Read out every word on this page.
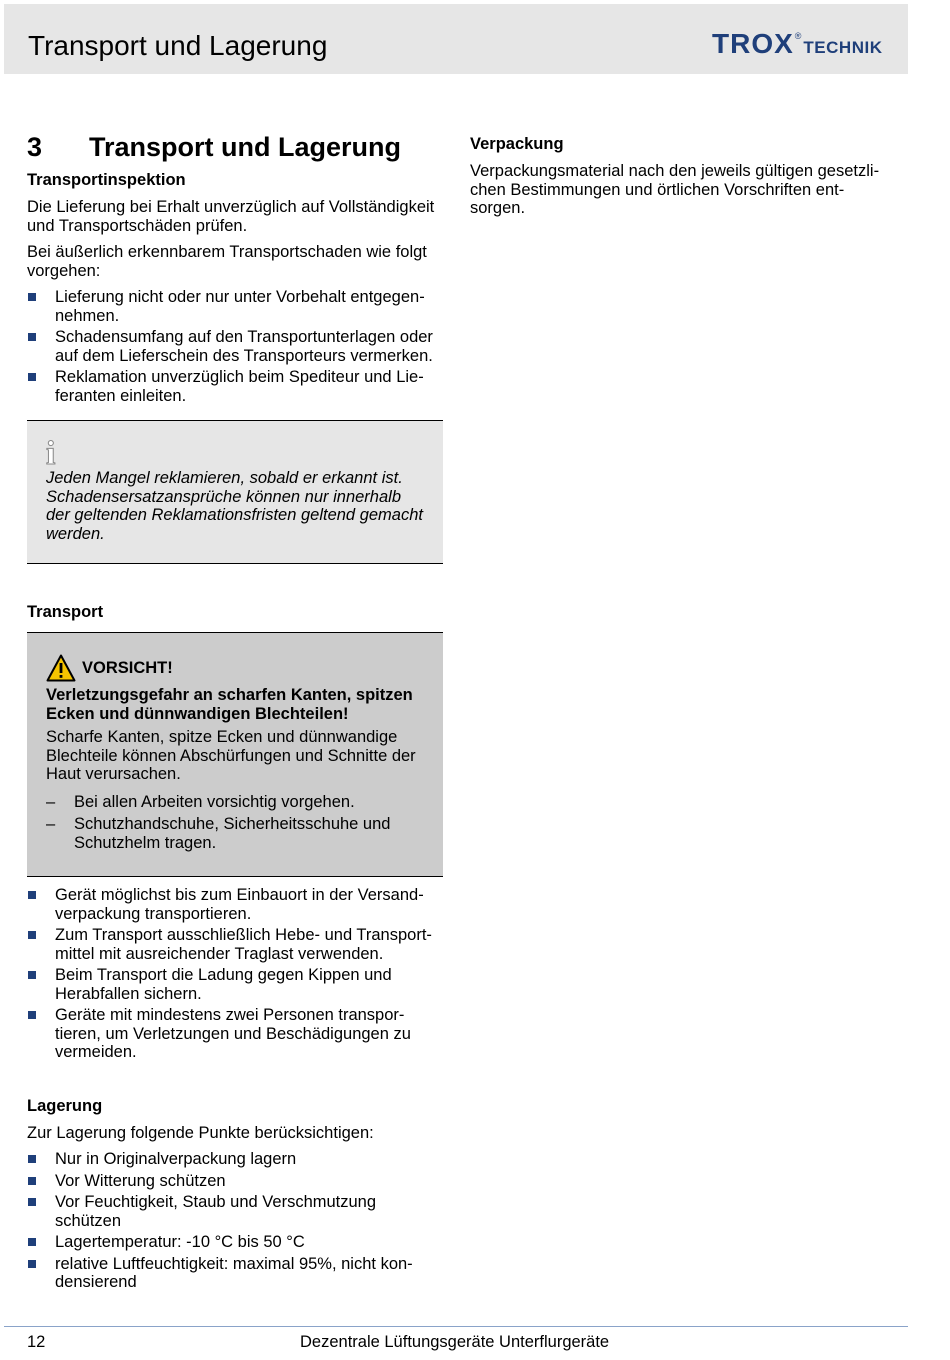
Transport und Lagerung	TROX ®
TECHNIK
3	Transport und Lagerung
Transportinspektion

Die Lieferung bei Erhalt unverzüglich auf Vollständigkeit und Transportschäden prüfen.

Bei äußerlich erkennbarem Transportschaden wie folgt vorgehen:

Lieferung nicht oder nur unter Vorbehalt entgegennehmen.
Schadensumfang auf den Transportunterlagen oder auf dem Lieferschein des Transporteurs vermerken.
Reklamation unverzüglich beim Spediteur und Lieferanten einleiten.
i

Jeden Mangel reklamieren, sobald er erkannt ist. Schadensersatzansprüche können nur innerhalb der geltenden Reklamationsfristen geltend gemacht werden.

Transport
VORSICHT!

Verletzungsgefahr an scharfen Kanten, spitzen Ecken und dünnwandigen Blechteilen!

Scharfe Kanten, spitze Ecken und dünnwandige Blechteile können Abschürfungen und Schnitte der Haut verursachen.

– Bei allen Arbeiten vorsichtig vorgehen.
– Schutzhandschuhe, Sicherheitsschuhe und Schutzhelm tragen.
Gerät möglichst bis zum Einbauort in der Versandverpackung transportieren.
Zum Transport ausschließlich Hebe- und Transportmittel mit ausreichender Traglast verwenden.
Beim Transport die Ladung gegen Kippen und Herabfallen sichern.
Geräte mit mindestens zwei Personen transportieren, um Verletzungen und Beschädigungen zu vermeiden.
Lagerung

Zur Lagerung folgende Punkte berücksichtigen:

Nur in Originalverpackung lagern
Vor Witterung schützen
Vor Feuchtigkeit, Staub und Verschmutzung schützen
Lagertemperatur: -10 °C bis 50 °C
relative Luftfeuchtigkeit: maximal 95%, nicht kondensierend
Verpackung

Verpackungsmaterial nach den jeweils gültigen gesetzlichen Bestimmungen und örtlichen Vorschriften entsorgen.

12	Dezentrale Lüftungsgeräte Unterflurgeräte
